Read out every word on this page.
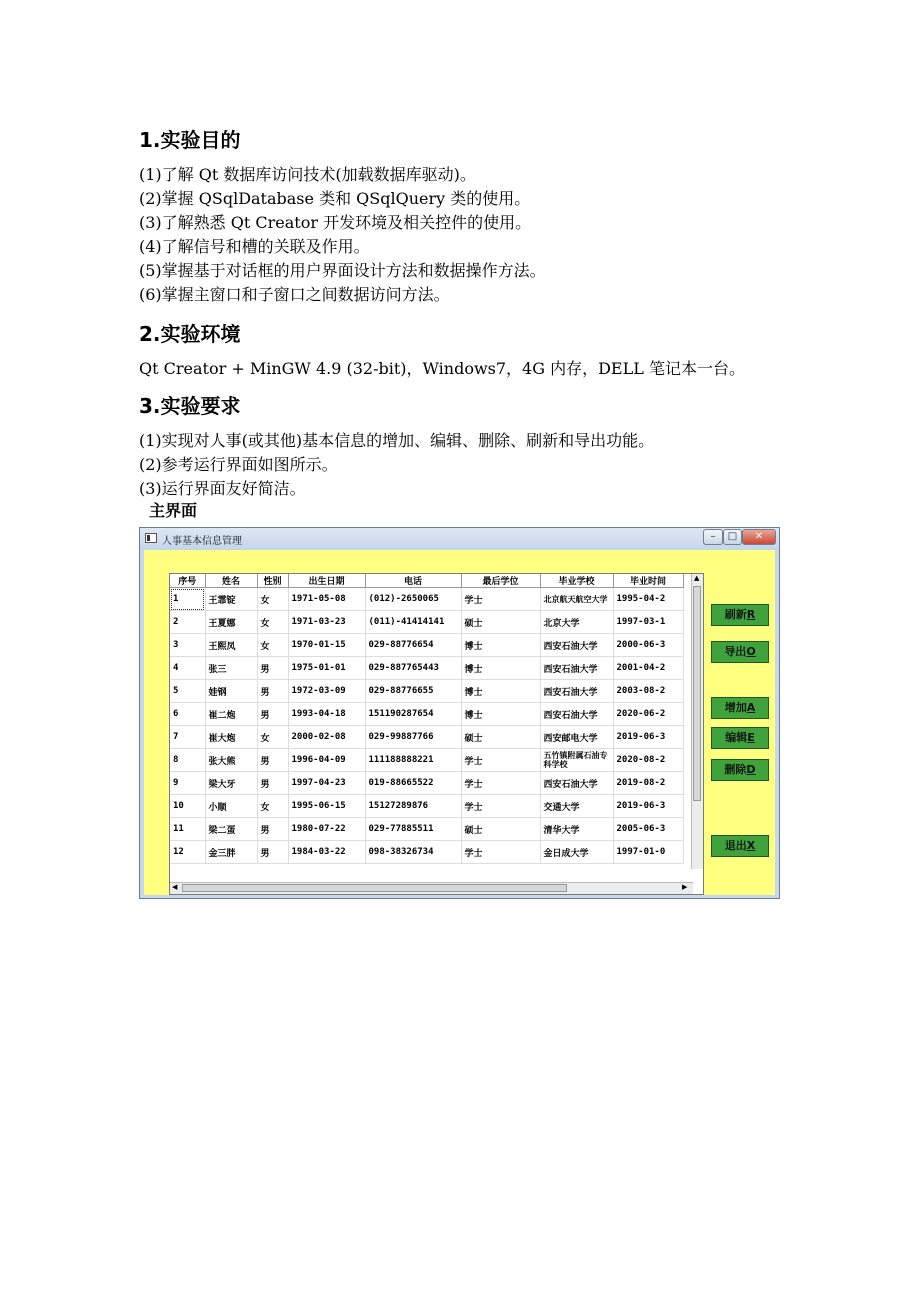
1.实验目的
(1)了解 Qt 数据库访问技术(加载数据库驱动)。
(2)掌握 QSqlDatabase 类和 QSqlQuery 类的使用。
(3)了解熟悉 Qt Creator 开发环境及相关控件的使用。
(4)了解信号和槽的关联及作用。
(5)掌握基于对话框的用户界面设计方法和数据操作方法。
(6)掌握主窗口和子窗口之间数据访问方法。
2.实验环境
Qt Creator + MinGW 4.9 (32-bit)，Windows7，4G 内存，DELL 笔记本一台。
3.实验要求
(1)实现对人事(或其他)基本信息的增加、编辑、删除、刷新和导出功能。
(2)参考运行界面如图所示。
(3)运行界面友好简洁。
主界面
人事基本信息管理	–	□	✕
序号	姓名	性别	出生日期	电话	最后学位	毕业学校	毕业时间
1	王霏锭	女	1971-05-08	(012)-2650065	学士	北京航天航空大学	1995-04-2
2	王夏娜	女	1971-03-23	(011)-41414141	硕士	北京大学	1997-03-1
3	王熙凤	女	1970-01-15	029-88776654	博士	西安石油大学	2000-06-3
4	张三	男	1975-01-01	029-887765443	博士	西安石油大学	2001-04-2
5	娃钢	男	1972-03-09	029-88776655	博士	西安石油大学	2003-08-2
6	崔二炮	男	1993-04-18	151190287654	博士	西安石油大学	2020-06-2
7	崔大炮	女	2000-02-08	029-99887766	硕士	西安邮电大学	2019-06-3
8	张大熊	男	1996-04-09	111188888221	学士	五竹镇附属石油专科学校	2020-08-2
9	梁大牙	男	1997-04-23	019-88665522	学士	西安石油大学	2019-08-2
10	小顺	女	1995-06-15	15127289876	学士	交通大学	2019-06-3
11	梁二蛋	男	1980-07-22	029-77885511	硕士	清华大学	2005-06-3
12	金三胖	男	1984-03-22	098-38326734	学士	金日成大学	1997-01-0
▲
◀	▶
刷新R
导出O
增加A
编辑E
删除D
退出X
